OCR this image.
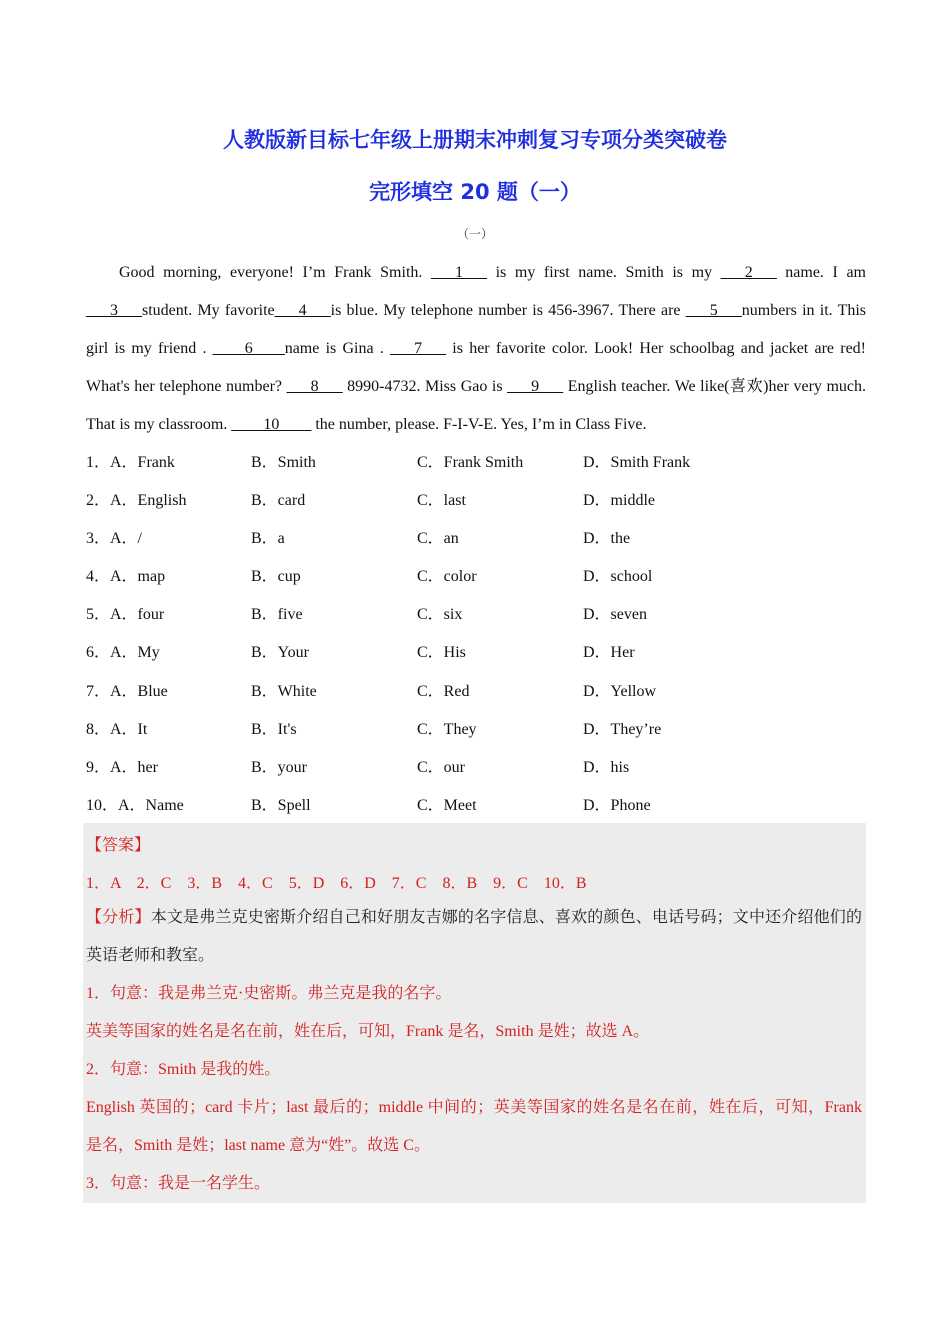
人教版新目标七年级上册期末冲刺复习专项分类突破卷
完形填空 20 题（一）
（一）
Good morning, everyone! I’m Frank Smith. ___1___ is my first name. Smith is my ___2___ name. I am ___3___student. My favorite___4___is blue. My telephone number is 456-3967. There are ___5___numbers in it. This girl is my friend . ____6____name is Gina . ___7___ is her favorite color. Look! Her schoolbag and jacket are red! What's her telephone number? ___8___ 8990-4732. Miss Gao is ___9___ English teacher. We like(喜欢)her very much. That is my classroom. ____10____ the number, please. F-I-V-E. Yes, I’m in Class Five.
1．A．Frank	B．Smith	C．Frank Smith	D．Smith Frank
2．A．English	B．card	C．last	D．middle
3．A．/	B．a	C．an	D．the
4．A．map	B．cup	C．color	D．school
5．A．four	B．five	C．six	D．seven
6．A．My	B．Your	C．His	D．Her
7．A．Blue	B．White	C．Red	D．Yellow
8．A．It	B．It's	C．They	D．They’re
9．A．her	B．your	C．our	D．his
10．A．Name	B．Spell	C．Meet	D．Phone
【答案】
1．A　2．C　3．B　4．C　5．D　6．D　7．C　8．B　9．C　10．B
【分析】本文是弗兰克史密斯介绍自己和好朋友吉娜的名字信息、喜欢的颜色、电话号码；文中还介绍他们的英语老师和教室。
1．句意：我是弗兰克·史密斯。弗兰克是我的名字。
英美等国家的姓名是名在前，姓在后，可知，Frank 是名，Smith 是姓；故选 A。
2．句意：Smith 是我的姓。
English 英国的；card 卡片；last 最后的；middle 中间的；英美等国家的姓名是名在前，姓在后，可知，Frank 是名，Smith 是姓；last name 意为“姓”。故选 C。
3．句意：我是一名学生。
